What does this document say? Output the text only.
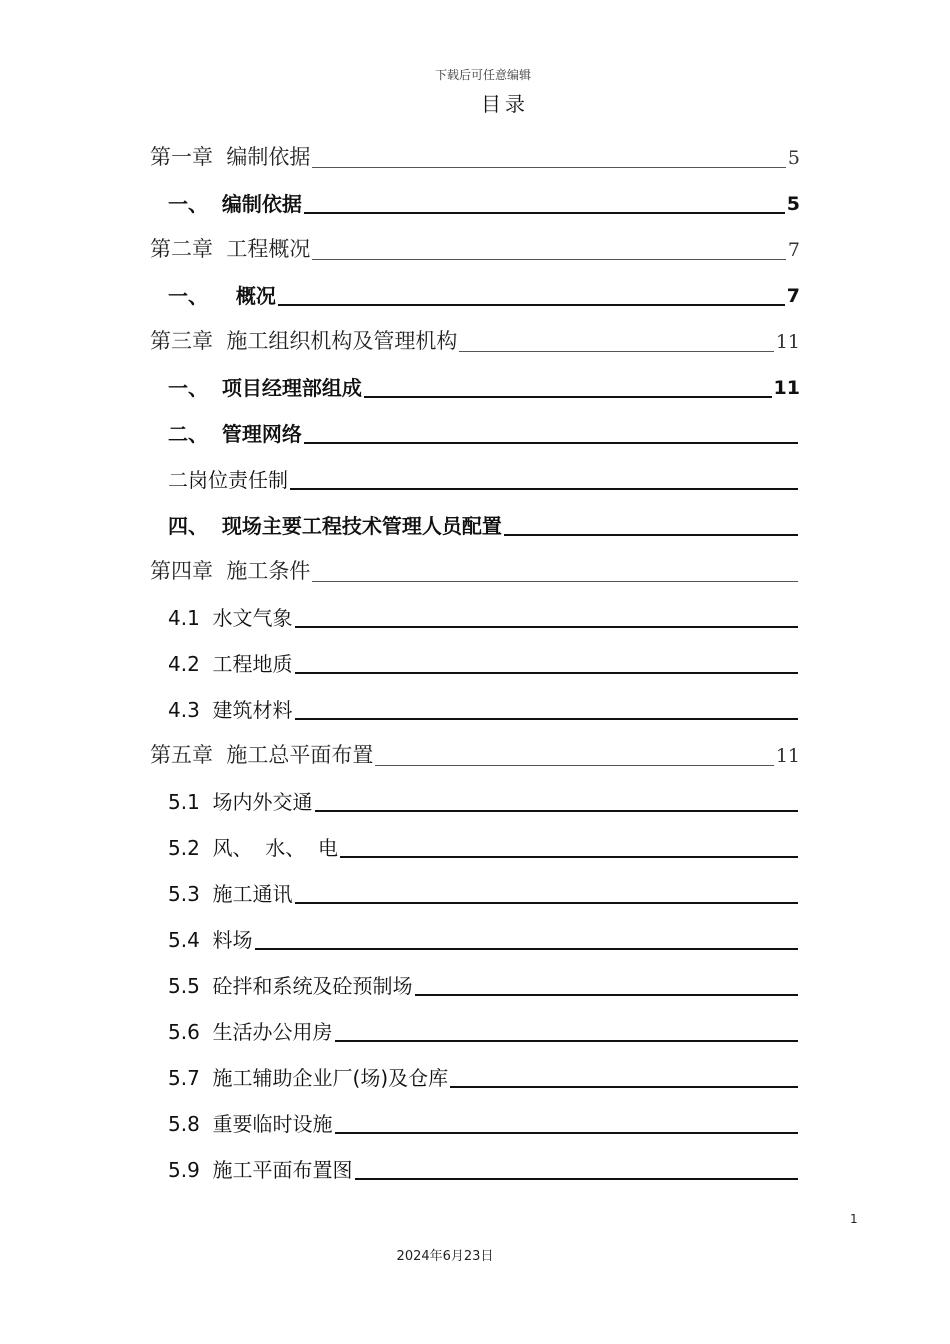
下载后可任意编辑
目录
第一章  编制依据	5
一、  编制依据	5
第二章  工程概况	7
一、    概况	7
第三章  施工组织机构及管理机构	11
一、  项目经理部组成	11
二、  管理网络
二岗位责任制
四、  现场主要工程技术管理人员配置
第四章  施工条件
4.1  水文气象
4.2  工程地质
4.3  建筑材料
第五章  施工总平面布置	11
5.1  场内外交通
5.2  风、  水、  电
5.3  施工通讯
5.4  料场
5.5  砼拌和系统及砼预制场
5.6  生活办公用房
5.7  施工辅助企业厂(场)及仓库
5.8  重要临时设施
5.9  施工平面布置图
1
2024年6月23日
